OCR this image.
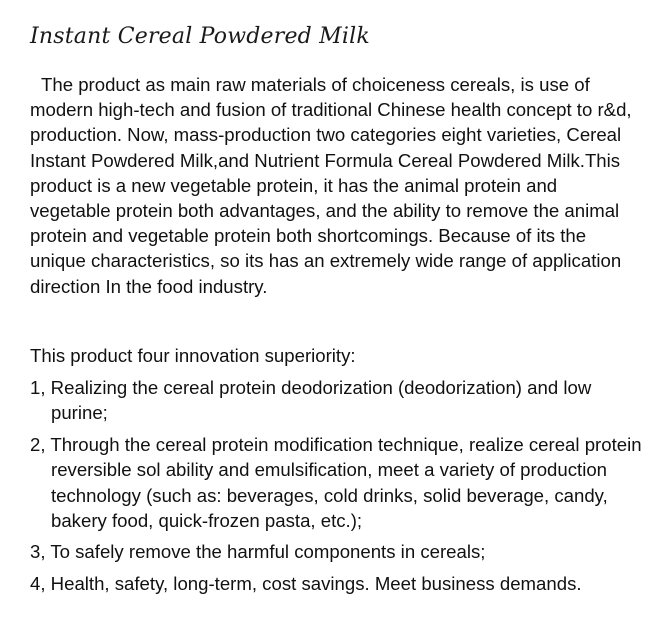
Instant Cereal Powdered Milk

The product as main raw materials of choiceness cereals, is use of modern high-tech and fusion of traditional Chinese health concept to r&d, production. Now, mass-production two categories eight varieties, Cereal Instant Powdered Milk,and Nutrient Formula Cereal Powdered Milk.This product is a new vegetable protein, it has the animal protein and vegetable protein both advantages, and the ability to remove the animal protein and vegetable protein both shortcomings. Because of its the unique characteristics, so its has an extremely wide range of application direction In the food industry.

This product four innovation superiority:

1, Realizing the cereal protein deodorization (deodorization) and low purine;
2, Through the cereal protein modification technique, realize cereal protein reversible sol ability and emulsification, meet a variety of production technology (such as: beverages, cold drinks, solid beverage, candy, bakery food, quick-frozen pasta, etc.);
3, To safely remove the harmful components in cereals;
4, Health, safety, long-term, cost savings. Meet business demands.
